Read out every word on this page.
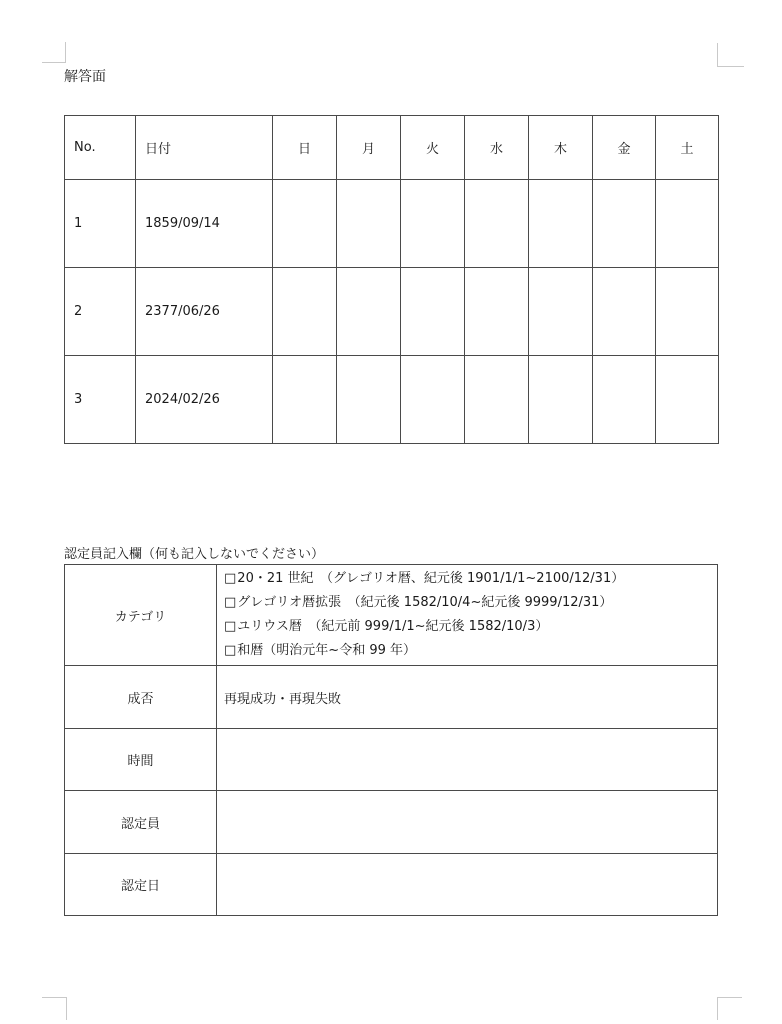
解答面
No.	日付	日	月	火	水	木	金	土
1	1859/09/14							
2	2377/06/26							
3	2024/02/26							
認定員記入欄（何も記入しないでください）
カテゴリ	□20・21 世紀　（グレゴリオ暦、紀元後 1901/1/1~2100/12/31）
□グレゴリオ暦拡張　（紀元後 1582/10/4~紀元後 9999/12/31）
□ユリウス暦　（紀元前 999/1/1~紀元後 1582/10/3）
□和暦（明治元年~令和 99 年）

成否	再現成功・再現失敗
時間	
認定員	
認定日	
